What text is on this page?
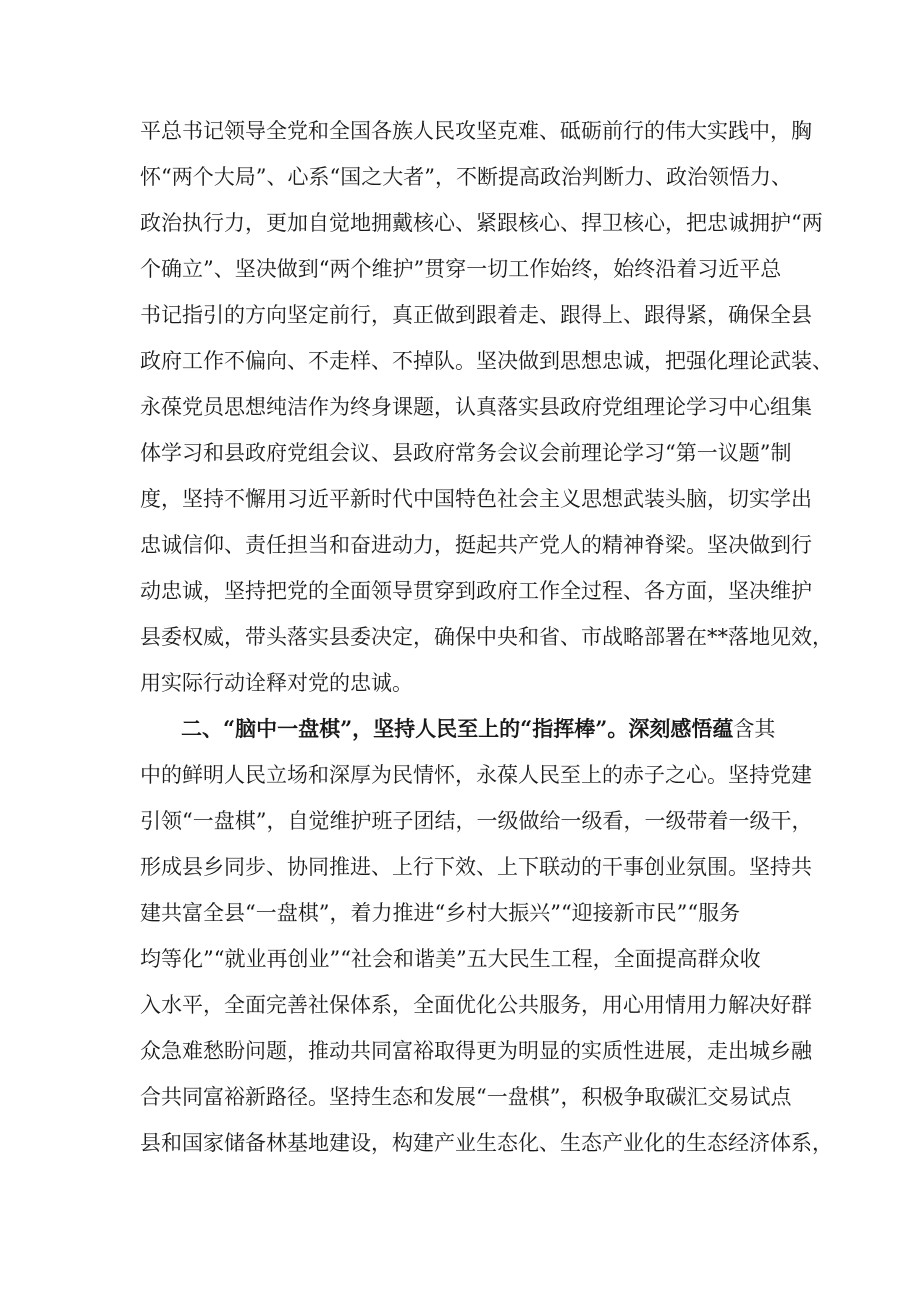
平总书记领导全党和全国各族人民攻坚克难、砥砺前行的伟大实践中，胸
怀“两个大局”、心系“国之大者”，不断提高政治判断力、政治领悟力、
政治执行力，更加自觉地拥戴核心、紧跟核心、捍卫核心，把忠诚拥护“两
个确立”、坚决做到“两个维护”贯穿一切工作始终，始终沿着习近平总
书记指引的方向坚定前行，真正做到跟着走、跟得上、跟得紧，确保全县
政府工作不偏向、不走样、不掉队。坚决做到思想忠诚，把强化理论武装、
永葆党员思想纯洁作为终身课题，认真落实县政府党组理论学习中心组集
体学习和县政府党组会议、县政府常务会议会前理论学习“第一议题”制
度，坚持不懈用习近平新时代中国特色社会主义思想武装头脑，切实学出
忠诚信仰、责任担当和奋进动力，挺起共产党人的精神脊梁。坚决做到行
动忠诚，坚持把党的全面领导贯穿到政府工作全过程、各方面，坚决维护
县委权威，带头落实县委决定，确保中央和省、市战略部署在**落地见效，
用实际行动诠释对党的忠诚。
二、“脑中一盘棋”，坚持人民至上的“指挥棒”。深刻感悟蕴含其
中的鲜明人民立场和深厚为民情怀，永葆人民至上的赤子之心。坚持党建
引领“一盘棋”，自觉维护班子团结，一级做给一级看，一级带着一级干，
形成县乡同步、协同推进、上行下效、上下联动的干事创业氛围。坚持共
建共富全县“一盘棋”，着力推进“乡村大振兴”“迎接新市民”“服务
均等化”“就业再创业”“社会和谐美”五大民生工程，全面提高群众收
入水平，全面完善社保体系，全面优化公共服务，用心用情用力解决好群
众急难愁盼问题，推动共同富裕取得更为明显的实质性进展，走出城乡融
合共同富裕新路径。坚持生态和发展“一盘棋”，积极争取碳汇交易试点
县和国家储备林基地建设，构建产业生态化、生态产业化的生态经济体系，
